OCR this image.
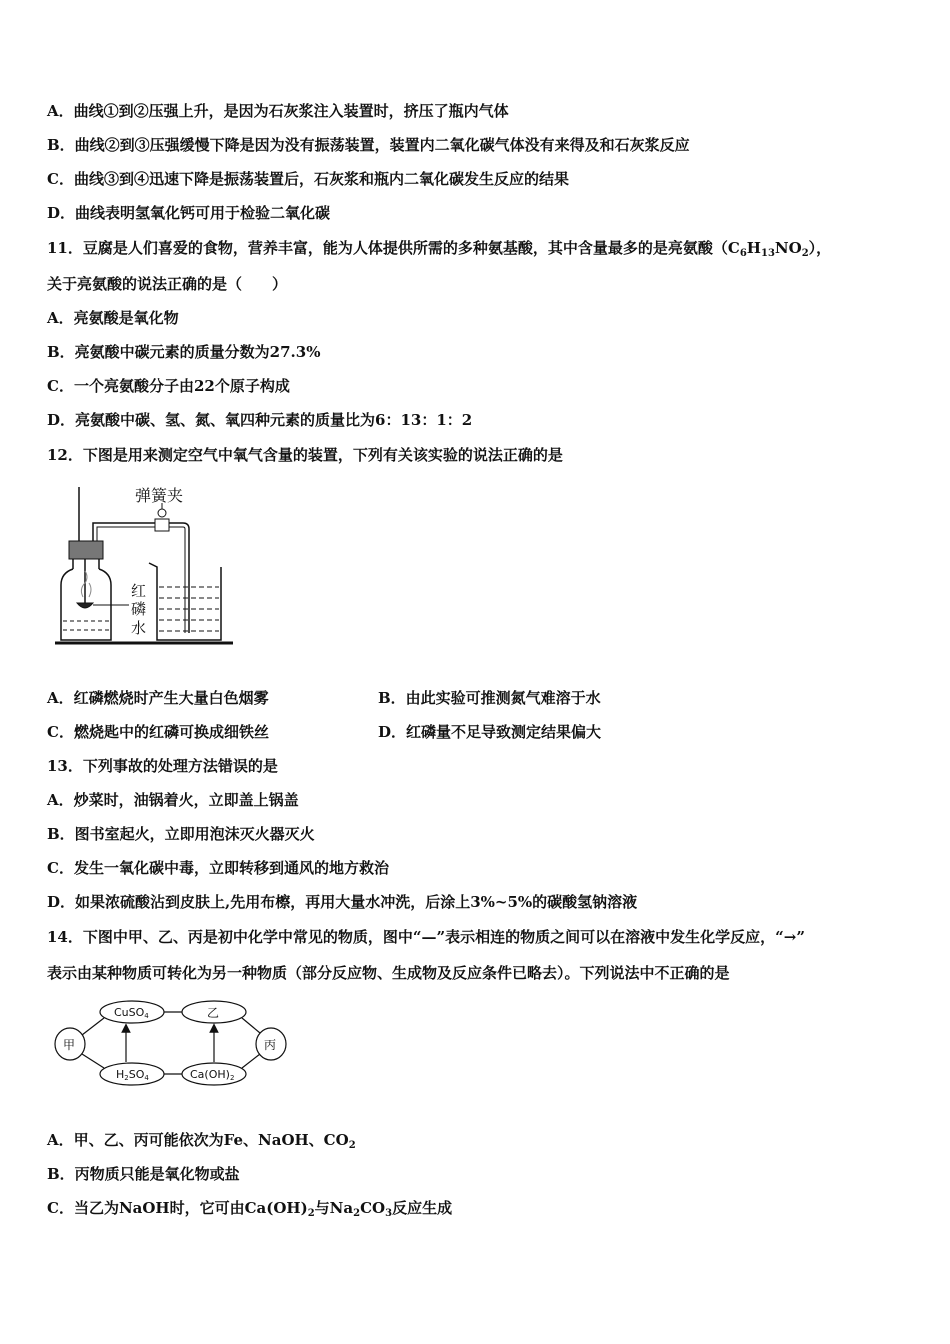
A．曲线①到②压强上升，是因为石灰浆注入装置时，挤压了瓶内气体
B．曲线②到③压强缓慢下降是因为没有振荡装置，装置内二氧化碳气体没有来得及和石灰浆反应
C．曲线③到④迅速下降是振荡装置后，石灰浆和瓶内二氧化碳发生反应的结果
D．曲线表明氢氧化钙可用于检验二氧化碳
11．豆腐是人们喜爱的食物，营养丰富，能为人体提供所需的多种氨基酸，其中含量最多的是亮氨酸$(C_6H_{13}NO_2)$，
关于亮氨酸的说法正确的是（　　）
A．亮氨酸是氧化物
B．亮氨酸中碳元素的质量分数为27.3%
C．一个亮氨酸分子由22个原子构成
D．亮氨酸中碳、氢、氮、氧四种元素的质量比为6：13：1：2
12．下图是用来测定空气中氧气含量的装置，下列有关该实验的说法正确的是
弹簧夹
红
磷
水
A．红磷燃烧时产生大量白色烟雾	B．由此实验可推测氮气难溶于水
C．燃烧匙中的红磷可换成细铁丝	D．红磷量不足导致测定结果偏大
13．下列事故的处理方法错误的是
A．炒菜时，油锅着火，立即盖上锅盖
B．图书室起火，立即用泡沫灭火器灭火
C．发生一氧化碳中毒，立即转移到通风的地方救治
D．如果浓硫酸沾到皮肤上,先用布檫，再用大量水冲洗，后涂上3%~5%的碳酸氢钠溶液
14．下图中甲、乙、丙是初中化学中常见的物质，图中“—”表示相连的物质之间可以在溶液中发生化学反应，“→”
表示由某种物质可转化为另一种物质（部分反应物、生成物及反应条件已略去）。下列说法中不正确的是
甲
CuSO4	乙
H2SO4	Ca(OH)2
丙
A．甲、乙、丙可能依次为Fe、NaOH、$CO_2$
B．丙物质只能是氧化物或盐
C．当乙为NaOH时，它可由$Ca(OH)_2$与$Na_2CO_3$反应生成
